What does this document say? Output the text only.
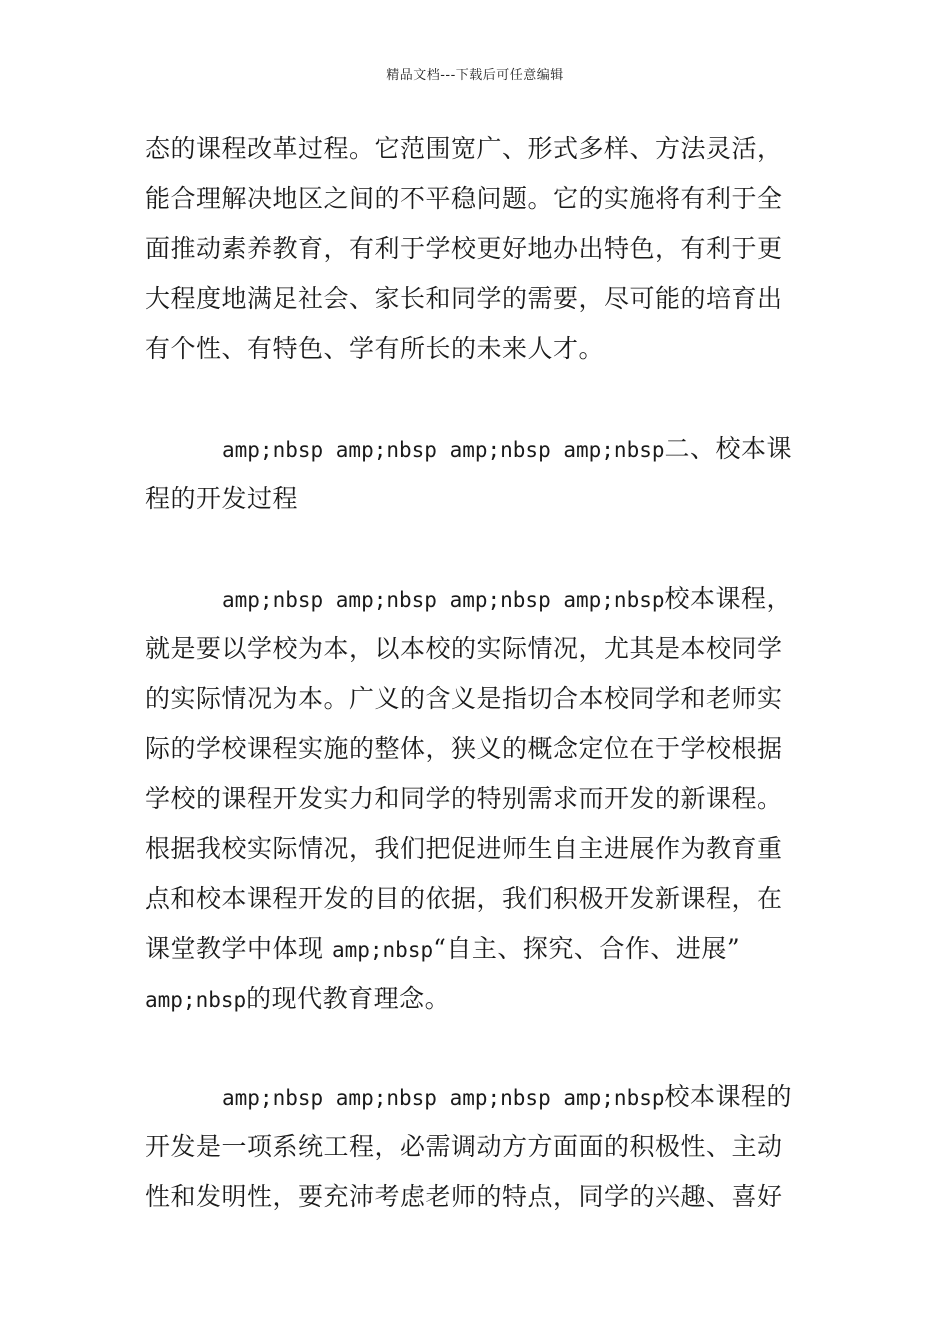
精品文档---下载后可任意编辑
态的课程改革过程。它范围宽广、形式多样、方法灵活，
能合理解决地区之间的不平稳问题。它的实施将有利于全
面推动素养教育，有利于学校更好地办出特色，有利于更
大程度地满足社会、家长和同学的需要，尽可能的培育出
有个性、有特色、学有所长的未来人才。
amp;nbsp amp;nbsp amp;nbsp amp;nbsp二、校本课
程的开发过程
amp;nbsp amp;nbsp amp;nbsp amp;nbsp校本课程，
就是要以学校为本，以本校的实际情况，尤其是本校同学
的实际情况为本。广义的含义是指切合本校同学和老师实
际的学校课程实施的整体，狭义的概念定位在于学校根据
学校的课程开发实力和同学的特别需求而开发的新课程。
根据我校实际情况，我们把促进师生自主进展作为教育重
点和校本课程开发的目的依据，我们积极开发新课程，在
课堂教学中体现 amp;nbsp“自主、探究、合作、进展”
amp;nbsp的现代教育理念。
amp;nbsp amp;nbsp amp;nbsp amp;nbsp校本课程的
开发是一项系统工程，必需调动方方面面的积极性、主动
性和发明性，要充沛考虑老师的特点，同学的兴趣、喜好
